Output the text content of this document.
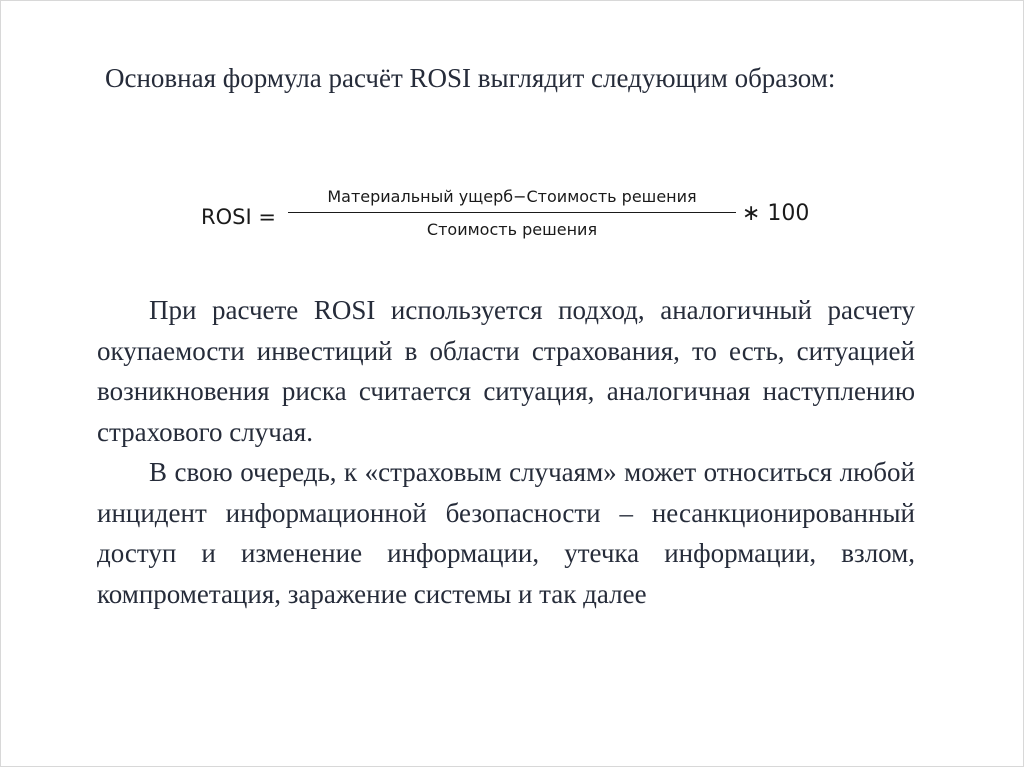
Основная формула расчёт ROSI выглядит следующим образом:
ROSI =
Материальный ущерб−Стоимость решения
Стоимость решения
∗ 100

При расчете ROSI используется подход, аналогичный расчету окупаемости инвестиций в области страхования, то есть, ситуацией возникновения риска считается ситуация, аналогичная наступлению страхового случая.

В свою очередь, к «страховым случаям» может относиться любой инцидент информационной безопасности – несанкционированный доступ и изменение информации, утечка информации, взлом, компрометация, заражение системы и так далее
